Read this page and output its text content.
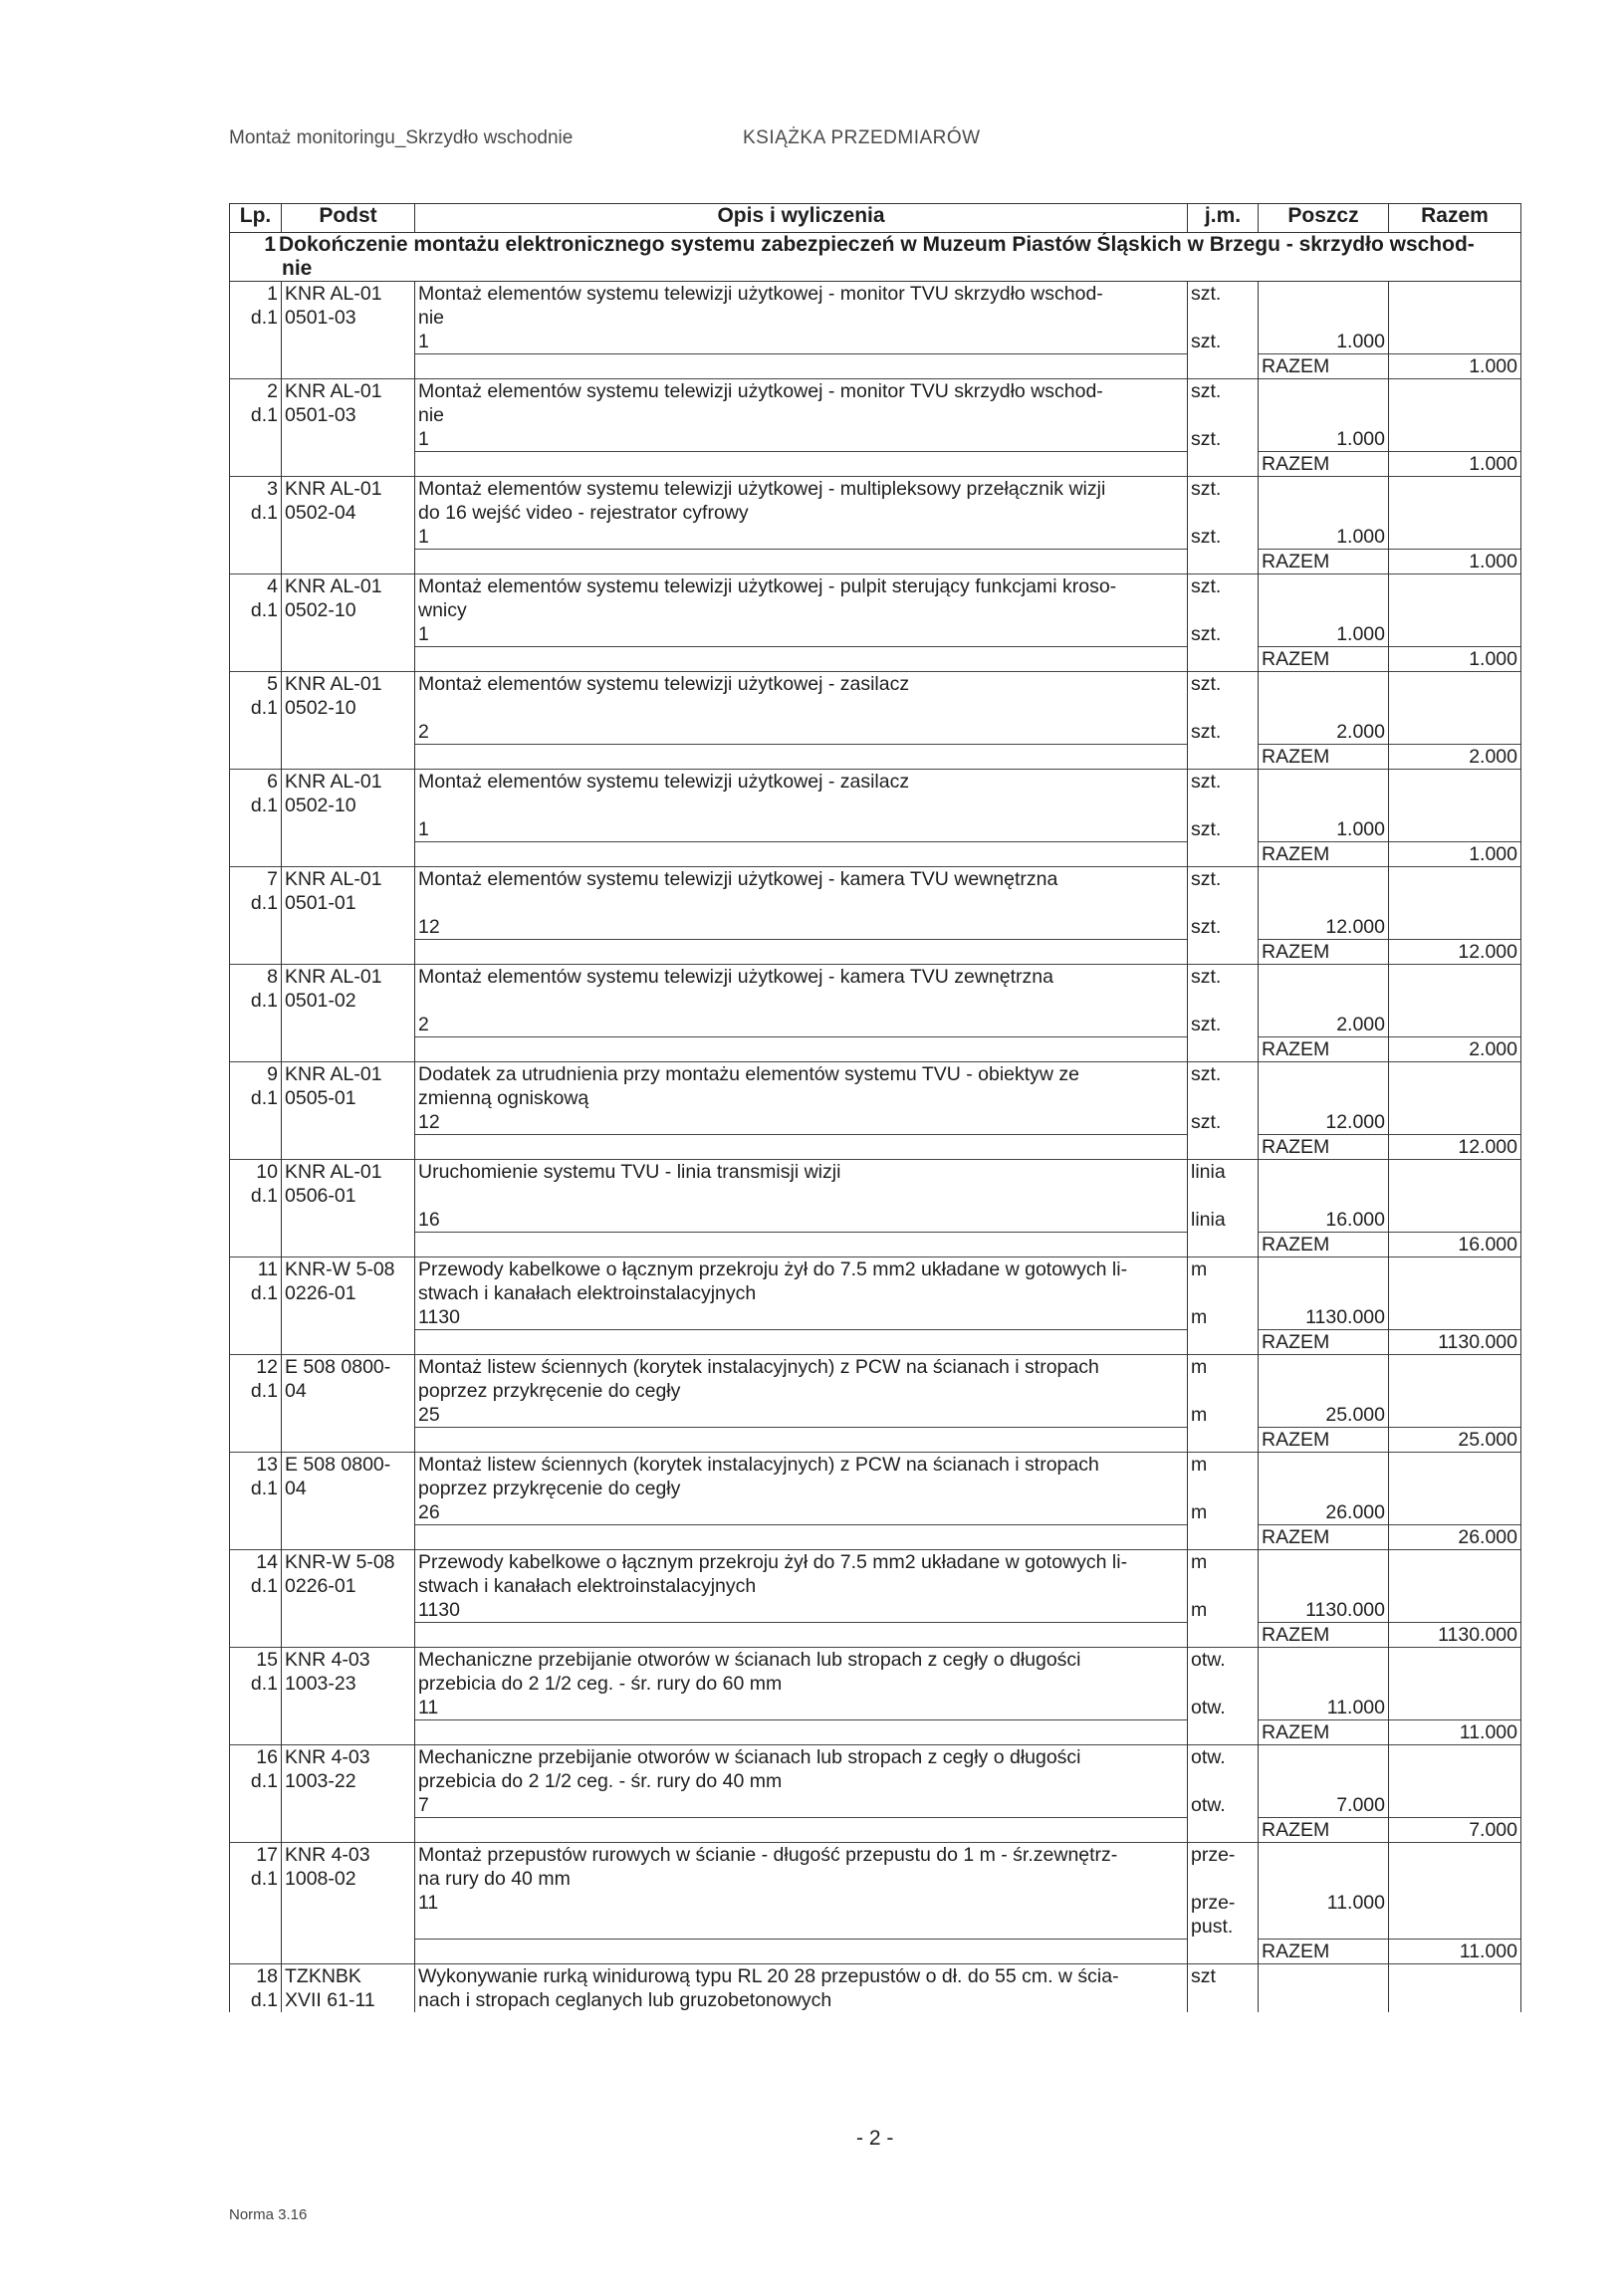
Montaż monitoringu_Skrzydło wschodnie	KSIĄŻKA PRZEDMIARÓW
Lp.	Podst	Opis i wyliczenia	j.m.	Poszcz	Razem

1 Dokończenie montażu elektronicznego systemu zabezpieczeń w Muzeum Piastów Śląskich w Brzegu - skrzydło wschod-
nie					

1	KNR AL-01	Montaż elementów systemu telewizji użytkowej - monitor TVU skrzydło wschod-	szt.		
d.1	0501-03	nie			
		1	szt.	1.000	
				RAZEM	1.000
2	KNR AL-01	Montaż elementów systemu telewizji użytkowej - monitor TVU skrzydło wschod-	szt.		
d.1	0501-03	nie			
		1	szt.	1.000	
				RAZEM	1.000
3	KNR AL-01	Montaż elementów systemu telewizji użytkowej - multipleksowy przełącznik wizji	szt.		
d.1	0502-04	do 16 wejść video - rejestrator cyfrowy			
		1	szt.	1.000	
				RAZEM	1.000
4	KNR AL-01	Montaż elementów systemu telewizji użytkowej - pulpit sterujący funkcjami kroso-	szt.		
d.1	0502-10	wnicy			
		1	szt.	1.000	
				RAZEM	1.000
5	KNR AL-01	Montaż elementów systemu telewizji użytkowej - zasilacz	szt.		
d.1	0502-10				
		2	szt.	2.000	
				RAZEM	2.000
6	KNR AL-01	Montaż elementów systemu telewizji użytkowej - zasilacz	szt.		
d.1	0502-10				
		1	szt.	1.000	
				RAZEM	1.000
7	KNR AL-01	Montaż elementów systemu telewizji użytkowej - kamera TVU wewnętrzna	szt.		
d.1	0501-01				
		12	szt.	12.000	
				RAZEM	12.000
8	KNR AL-01	Montaż elementów systemu telewizji użytkowej - kamera TVU zewnętrzna	szt.		
d.1	0501-02				
		2	szt.	2.000	
				RAZEM	2.000
9	KNR AL-01	Dodatek za utrudnienia przy montażu elementów systemu TVU - obiektyw ze	szt.		
d.1	0505-01	zmienną ogniskową			
		12	szt.	12.000	
				RAZEM	12.000
10	KNR AL-01	Uruchomienie systemu TVU - linia transmisji wizji	linia		
d.1	0506-01				
		16	linia	16.000	
				RAZEM	16.000
11	KNR-W 5-08	Przewody kabelkowe o łącznym przekroju żył do 7.5 mm2 układane w gotowych li-	m		
d.1	0226-01	stwach i kanałach elektroinstalacyjnych			
		1130	m	1130.000	
				RAZEM	1130.000
12	E 508 0800-	Montaż listew ściennych (korytek instalacyjnych) z PCW na ścianach i stropach	m		
d.1	04	poprzez przykręcenie do cegły			
		25	m	25.000	
				RAZEM	25.000
13	E 508 0800-	Montaż listew ściennych (korytek instalacyjnych) z PCW na ścianach i stropach	m		
d.1	04	poprzez przykręcenie do cegły			
		26	m	26.000	
				RAZEM	26.000
14	KNR-W 5-08	Przewody kabelkowe o łącznym przekroju żył do 7.5 mm2 układane w gotowych li-	m		
d.1	0226-01	stwach i kanałach elektroinstalacyjnych			
		1130	m	1130.000	
				RAZEM	1130.000
15	KNR 4-03	Mechaniczne przebijanie otworów w ścianach lub stropach z cegły o długości	otw.		
d.1	1003-23	przebicia do 2 1/2 ceg. - śr. rury do 60 mm			
		11	otw.	11.000	
				RAZEM	11.000
16	KNR 4-03	Mechaniczne przebijanie otworów w ścianach lub stropach z cegły o długości	otw.		
d.1	1003-22	przebicia do 2 1/2 ceg. - śr. rury do 40 mm			
		7	otw.	7.000	
				RAZEM	7.000
17	KNR 4-03	Montaż przepustów rurowych w ścianie - długość przepustu do 1 m - śr.zewnętrz-	prze-		
d.1	1008-02	na rury do 40 mm			
		11	prze-	11.000	
			pust.		
				RAZEM	11.000
18	TZKNBK	Wykonywanie rurką winidurową typu RL 20 28 przepustów o dł. do 55 cm. w ścia-	szt		
d.1	XVII 61-11	nach i stropach ceglanych lub gruzobetonowych			
- 2 -
Norma 3.16
